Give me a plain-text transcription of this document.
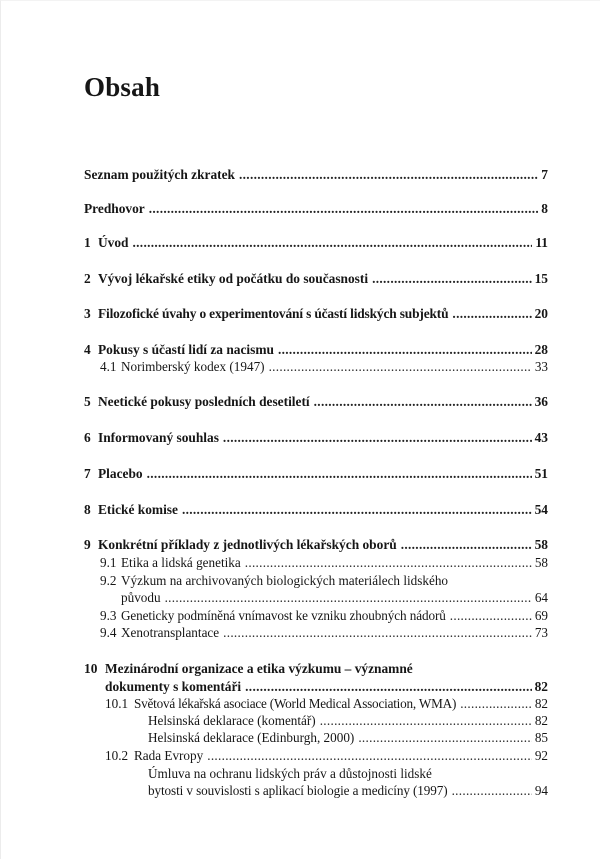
Obsah
Seznam použitých zkratek .....	7
Predhovor .....	8
1 Úvod .....	11
2 Vývoj lékařské etiky od počátku do současnosti .....	15
3 Filozofické úvahy o experimentování s účastí lidských subjektů .....	20
4 Pokusy s účastí lidí za nacismu .....	28
4.1 Norimberský kodex (1947) .....	33
5 Neetické pokusy posledních desetiletí .....	36
6 Informovaný souhlas .....	43
7 Placebo .....	51
8 Etické komise .....	54
9 Konkrétní příklady z jednotlivých lékařských oborů .....	58
9.1 Etika a lidská genetika .....	58
9.2 Výzkum na archivovaných biologických materiálech lidského
původu .....	64
9.3 Geneticky podmíněná vnímavost ke vzniku zhoubných nádorů .....	69
9.4 Xenotransplantace .....	73
10 Mezinárodní organizace a etika výzkumu – významné
dokumenty s komentáři .....	82
10.1 Světová lékařská asociace (World Medical Association, WMA) .....	82
Helsinská deklarace (komentář) .....	82
Helsinská deklarace (Edinburgh, 2000) .....	85
10.2 Rada Evropy .....	92
Úmluva na ochranu lidských práv a důstojnosti lidské
bytosti v souvislosti s aplikací biologie a medicíny (1997) .....	94
